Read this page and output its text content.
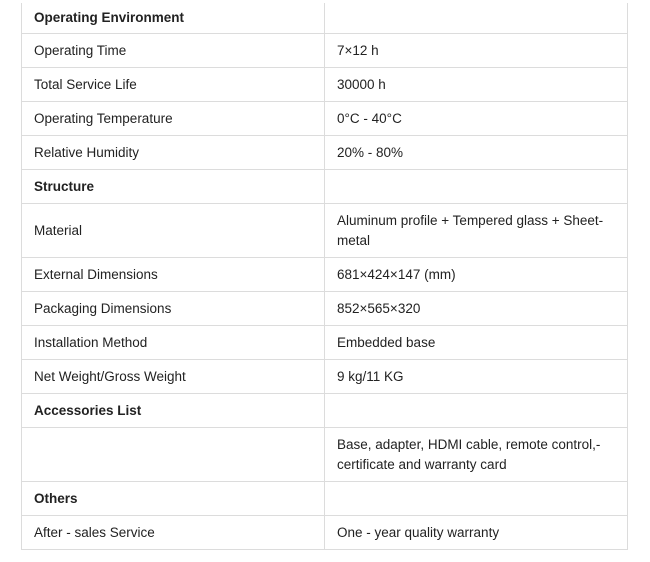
Operating Environment	
Operating Time	7×12 h
Total Service Life	30000 h
Operating Temperature	0°C - 40°C
Relative Humidity	20% - 80%
Structure	
Material	Aluminum profile + Tempered glass + Sheet-metal
External Dimensions	681×424×147 (mm)
Packaging Dimensions	852×565×320
Installation Method	Embedded base
Net Weight/Gross Weight	9 kg/11 KG
Accessories List	
	Base, adapter, HDMI cable, remote control,-certificate and warranty card
Others	
After - sales Service	One - year quality warranty
